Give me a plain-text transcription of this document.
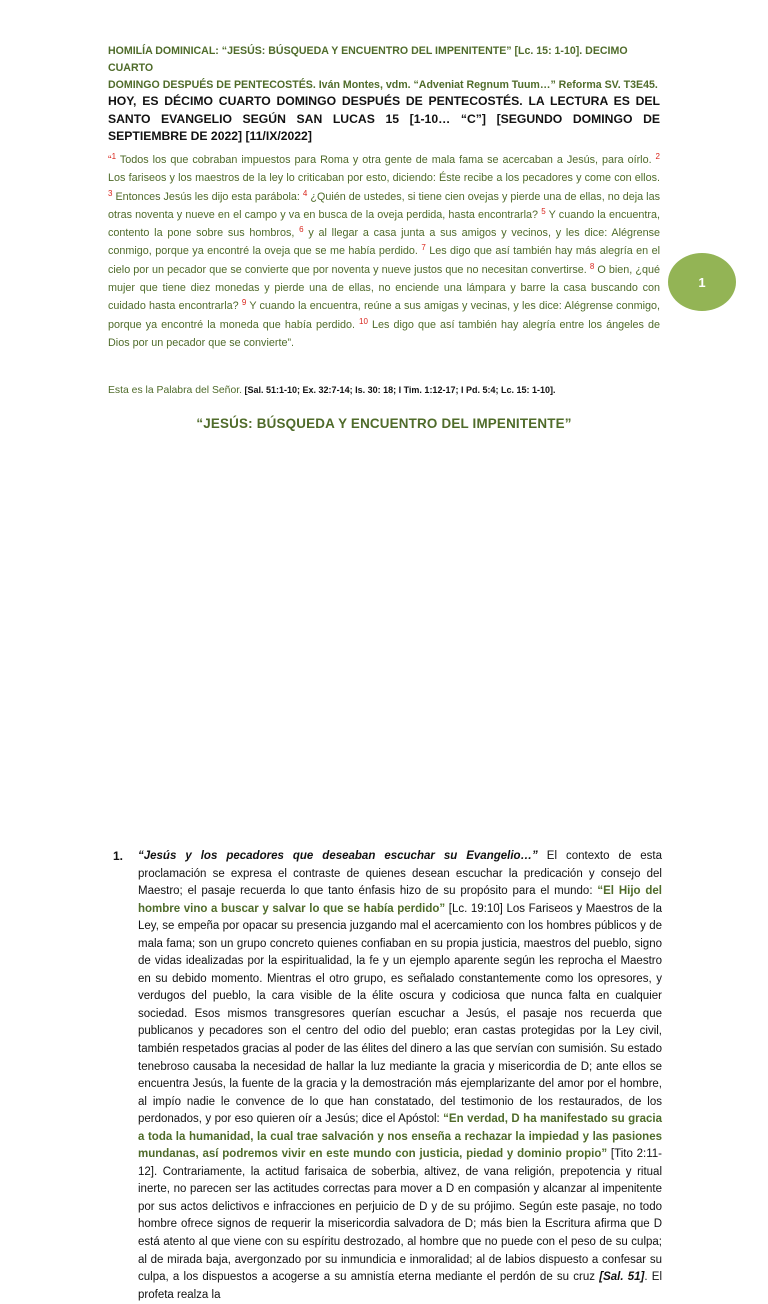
HOMILÍA DOMINICAL: “JESÚS: BÚSQUEDA Y ENCUENTRO DEL IMPENITENTE” [Lc. 15: 1-10]. DECIMO CUARTO
DOMINGO DESPUÉS DE PENTECOSTÉS. Iván Montes, vdm. “Adveniat Regnum Tuum…” Reforma SV. T3E45.
HOY, ES DÉCIMO CUARTO DOMINGO DESPUÉS DE PENTECOSTÉS. LA LECTURA ES DEL SANTO EVANGELIO SEGÚN SAN LUCAS 15 [1-10… “C”] [SEGUNDO DOMINGO DE SEPTIEMBRE DE 2022] [11/IX/2022]
“$^1$ Todos los que cobraban impuestos para Roma y otra gente de mala fama se acercaban a Jesús, para oírlo. $^2$ Los fariseos y los maestros de la ley lo criticaban por esto, diciendo: Éste recibe a los pecadores y come con ellos. $^3$ Entonces Jesús les dijo esta parábola: $^4$ ¿Quién de ustedes, si tiene cien ovejas y pierde una de ellas, no deja las otras noventa y nueve en el campo y va en busca de la oveja perdida, hasta encontrarla? $^5$ Y cuando la encuentra, contento la pone sobre sus hombros, $^6$ y al llegar a casa junta a sus amigos y vecinos, y les dice: Alégrense conmigo, porque ya encontré la oveja que se me había perdido. $^7$ Les digo que así también hay más alegría en el cielo por un pecador que se convierte que por noventa y nueve justos que no necesitan convertirse. $^8$ O bien, ¿qué mujer que tiene diez monedas y pierde una de ellas, no enciende una lámpara y barre la casa buscando con cuidado hasta encontrarla? $^9$ Y cuando la encuentra, reúne a sus amigas y vecinas, y les dice: Alégrense conmigo, porque ya encontré la moneda que había perdido. $^{10}$ Les digo que así también hay alegría entre los ángeles de Dios por un pecador que se convierte”.
Esta es la Palabra del Señor. [Sal. 51:1-10; Ex. 32:7-14; Is. 30: 18; I Tim. 1:12-17; I Pd. 5:4; Lc. 15: 1-10].
“JESÚS: BÚSQUEDA Y ENCUENTRO DEL IMPENITENTE”
1. “Jesús y los pecadores que deseaban escuchar su Evangelio…” El contexto de esta proclamación se expresa el contraste de quienes desean escuchar la predicación y consejo del Maestro; el pasaje recuerda lo que tanto énfasis hizo de su propósito para el mundo: “El Hijo del hombre vino a buscar y salvar lo que se había perdido” [Lc. 19:10] Los Fariseos y Maestros de la Ley, se empeña por opacar su presencia juzgando mal el acercamiento con los hombres públicos y de mala fama; son un grupo concreto quienes confiaban en su propia justicia, maestros del pueblo, signo de vidas idealizadas por la espiritualidad, la fe y un ejemplo aparente según les reprocha el Maestro en su debido momento. Mientras el otro grupo, es señalado constantemente como los opresores, y verdugos del pueblo, la cara visible de la élite oscura y codiciosa que nunca falta en cualquier sociedad. Esos mismos transgresores querían escuchar a Jesús, el pasaje nos recuerda que publicanos y pecadores son el centro del odio del pueblo; eran castas protegidas por la Ley civil, también respetados gracias al poder de las élites del dinero a las que servían con sumisión. Su estado tenebroso causaba la necesidad de hallar la luz mediante la gracia y misericordia de D; ante ellos se encuentra Jesús, la fuente de la gracia y la demostración más ejemplarizante del amor por el hombre, al impío nadie le convence de lo que han constatado, del testimonio de los restaurados, de los perdonados, y por eso quieren oír a Jesús; dice el Apóstol: “En verdad, D ha manifestado su gracia a toda la humanidad, la cual trae salvación y nos enseña a rechazar la impiedad y las pasiones mundanas, así podremos vivir en este mundo con justicia, piedad y dominio propio” [Tito 2:11-12]. Contrariamente, la actitud farisaica de soberbia, altivez, de vana religión, prepotencia y ritual inerte, no parecen ser las actitudes correctas para mover a D en compasión y alcanzar al impenitente por sus actos delictivos e infracciones en perjuicio de D y de su prójimo. Según este pasaje, no todo hombre ofrece signos de requerir la misericordia salvadora de D; más bien la Escritura afirma que D está atento al que viene con su espíritu destrozado, al hombre que no puede con el peso de su culpa; al de mirada baja, avergonzado por su inmundicia e inmoralidad; al de labios dispuesto a confesar su culpa, a los dispuestos a acogerse a su amnistía eterna mediante el perdón de su cruz [Sal. 51]. El profeta realza la
1
